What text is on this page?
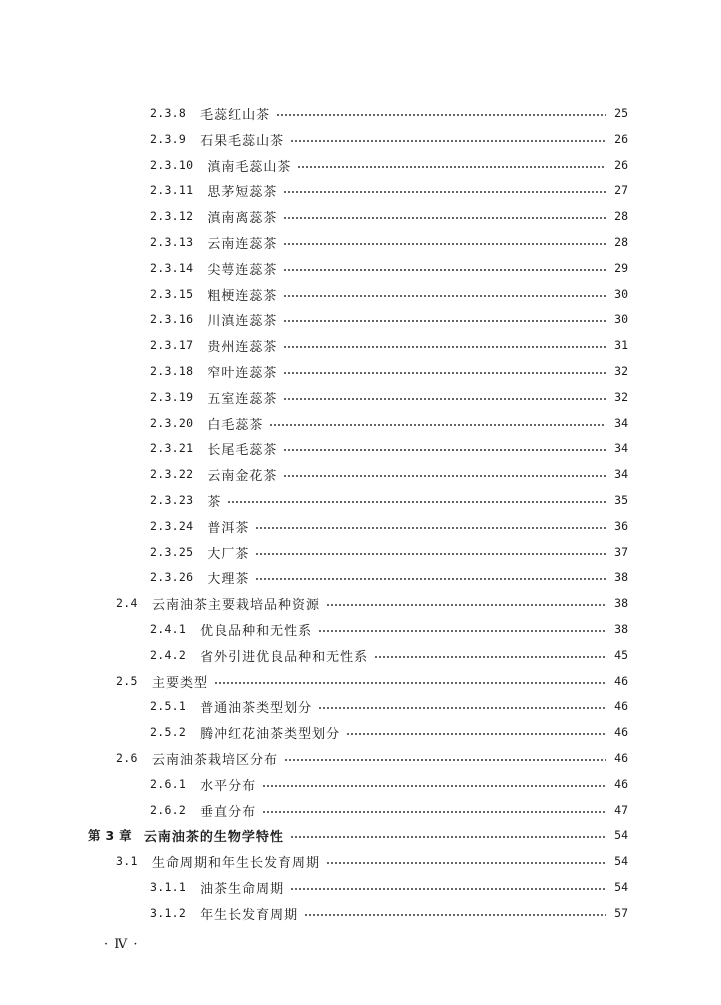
2.3.8 毛蕊红山茶	25
2.3.9 石果毛蕊山茶	26
2.3.10 滇南毛蕊山茶	26
2.3.11 思茅短蕊茶	27
2.3.12 滇南离蕊茶	28
2.3.13 云南连蕊茶	28
2.3.14 尖萼连蕊茶	29
2.3.15 粗梗连蕊茶	30
2.3.16 川滇连蕊茶	30
2.3.17 贵州连蕊茶	31
2.3.18 窄叶连蕊茶	32
2.3.19 五室连蕊茶	32
2.3.20 白毛蕊茶	34
2.3.21 长尾毛蕊茶	34
2.3.22 云南金花茶	34
2.3.23 茶	35
2.3.24 普洱茶	36
2.3.25 大厂茶	37
2.3.26 大理茶	38
2.4 云南油茶主要栽培品种资源	38
2.4.1 优良品种和无性系	38
2.4.2 省外引进优良品种和无性系	45
2.5 主要类型	46
2.5.1 普通油茶类型划分	46
2.5.2 腾冲红花油茶类型划分	46
2.6 云南油茶栽培区分布	46
2.6.1 水平分布	46
2.6.2 垂直分布	47
第 3 章 云南油茶的生物学特性	54
3.1 生命周期和年生长发育周期	54
3.1.1 油茶生命周期	54
3.1.2 年生长发育周期	57
· Ⅳ ·
